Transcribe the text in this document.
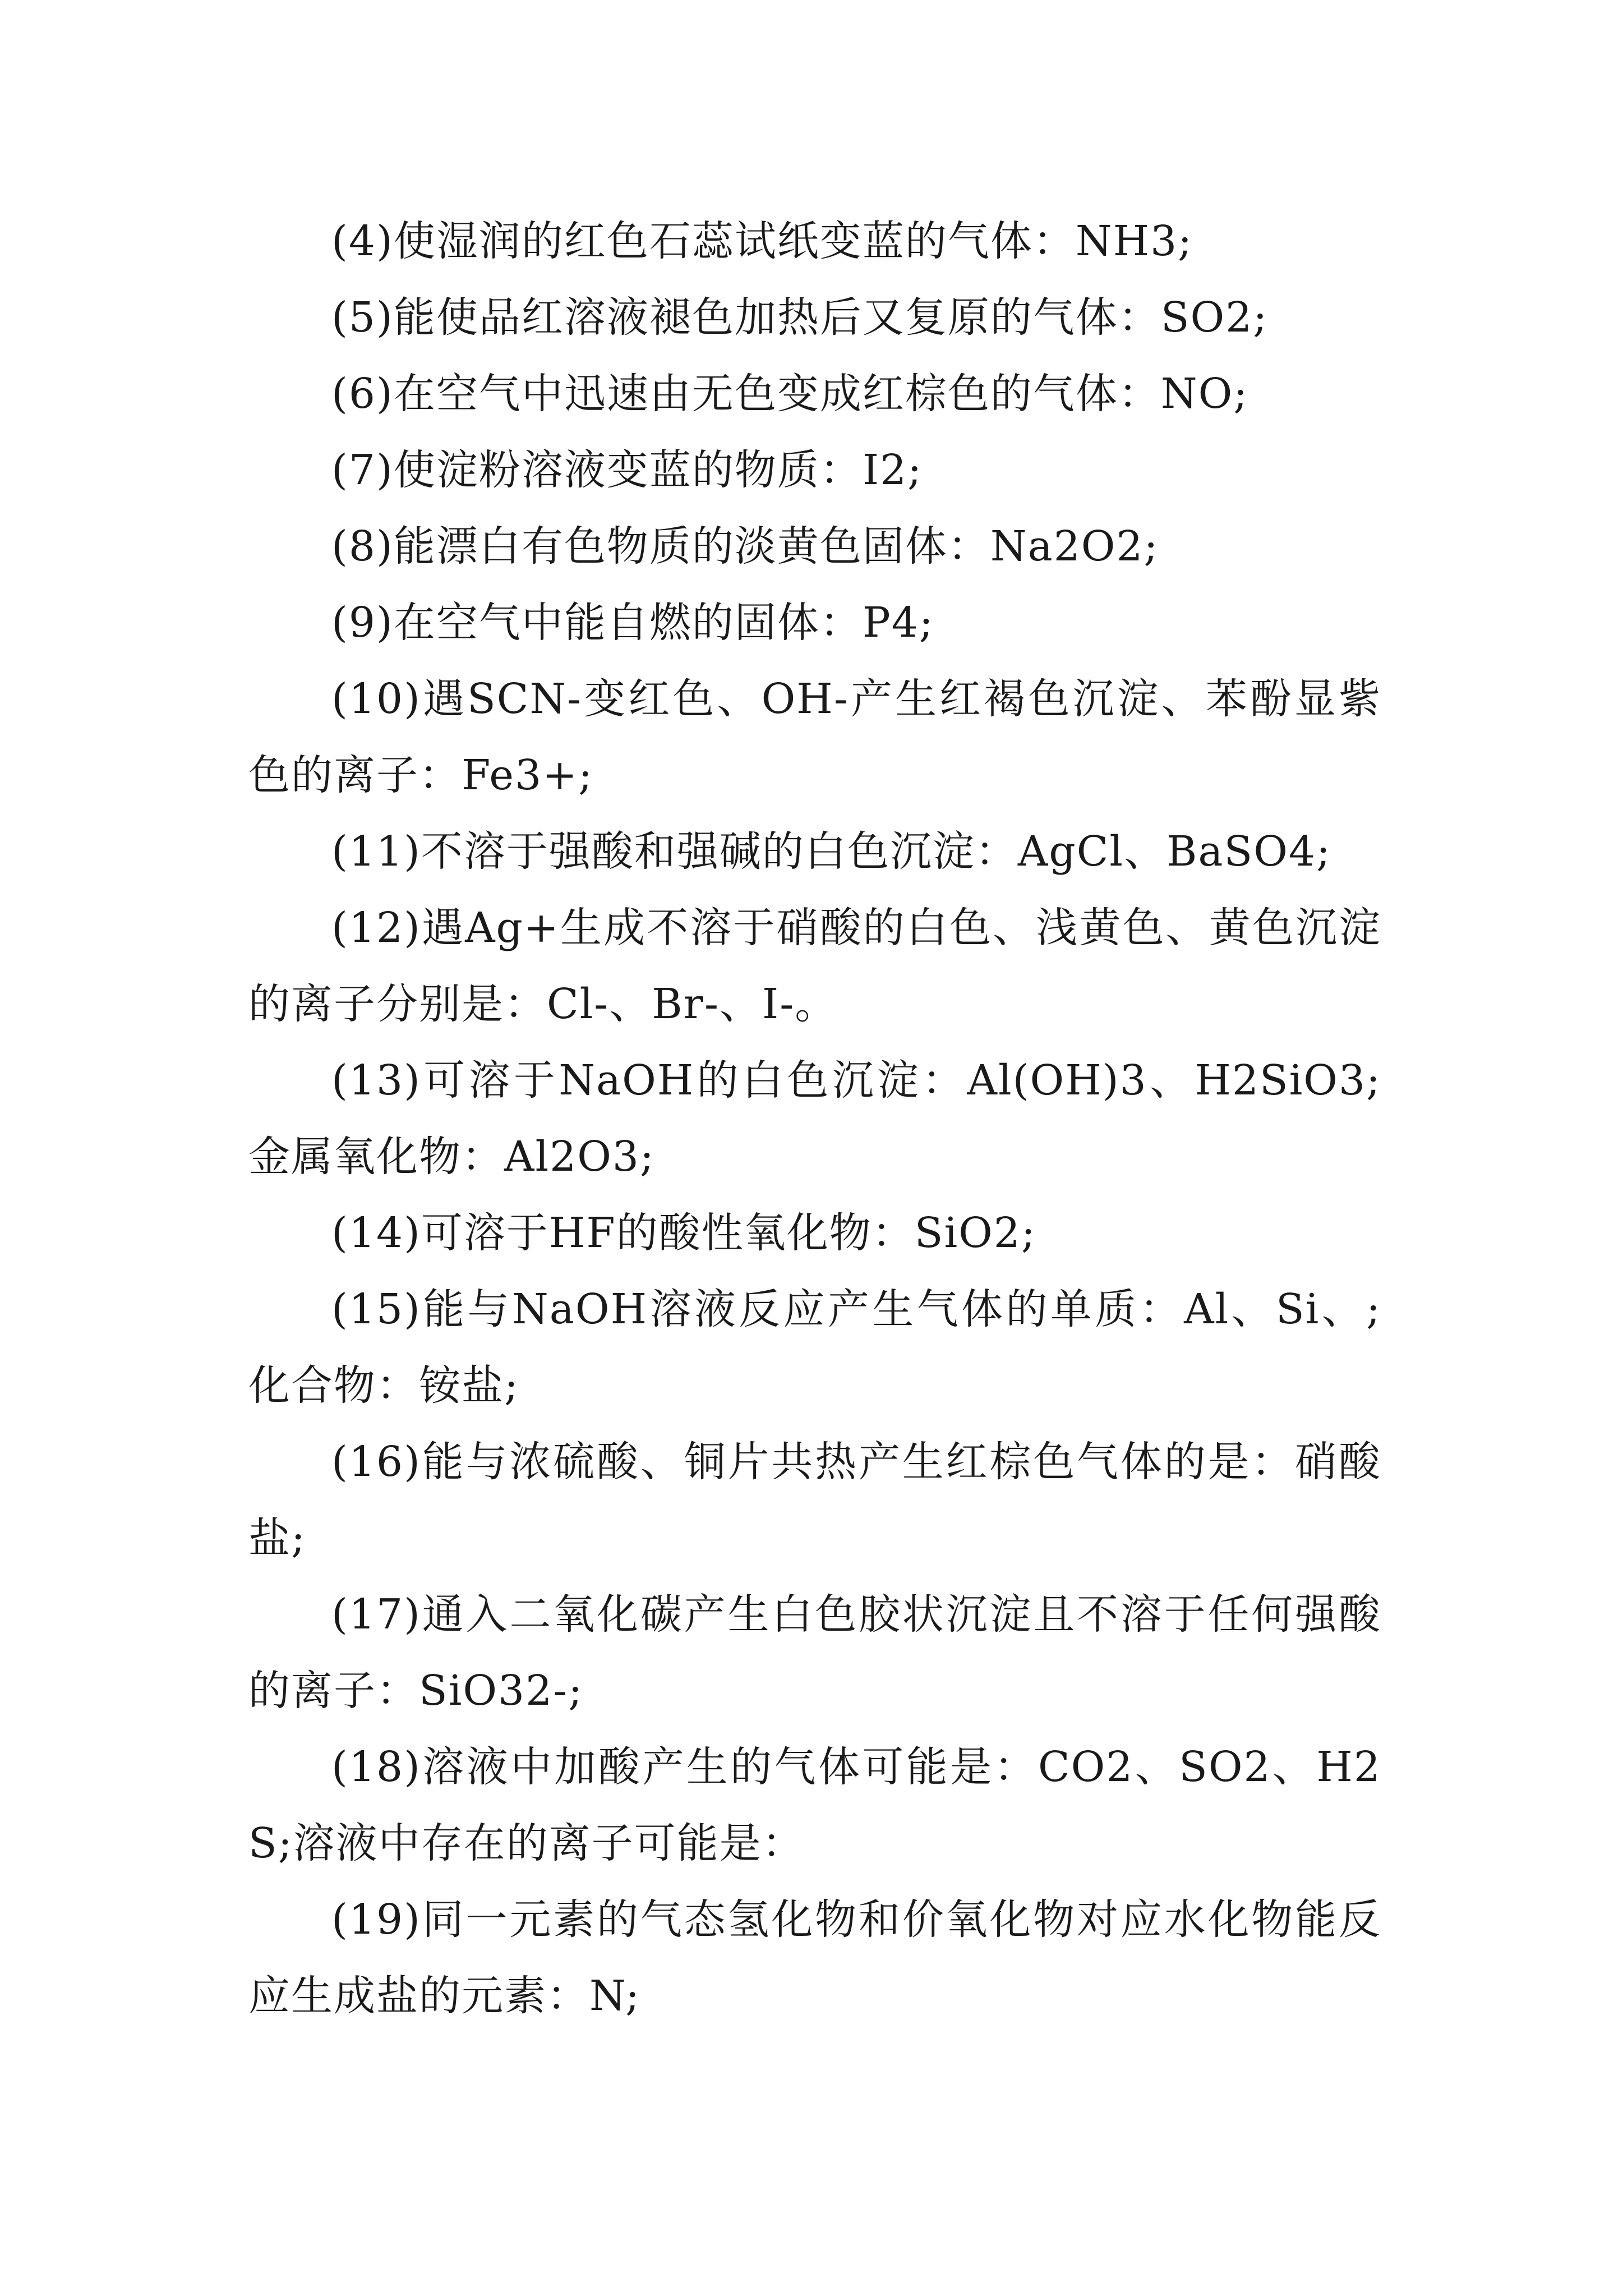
(4)使湿润的红色石蕊试纸变蓝的气体：NH3;

(5)能使品红溶液褪色加热后又复原的气体：SO2;

(6)在空气中迅速由无色变成红棕色的气体：NO;

(7)使淀粉溶液变蓝的物质：I2;

(8)能漂白有色物质的淡黄色固体：Na2O2;

(9)在空气中能自燃的固体：P4;

(10)遇SCN-变红色、OH-产生红褐色沉淀、苯酚显紫色的离子：Fe3+;

(11)不溶于强酸和强碱的白色沉淀：AgCl、BaSO4;

(12)遇Ag+生成不溶于硝酸的白色、浅黄色、黄色沉淀的离子分别是：Cl-、Br-、I-。

(13)可溶于NaOH的白色沉淀：Al(OH)3、H2SiO3;金属氧化物：Al2O3;

(14)可溶于HF的酸性氧化物：SiO2;

(15)能与NaOH溶液反应产生气体的单质：Al、Si、;化合物：铵盐;

(16)能与浓硫酸、铜片共热产生红棕色气体的是：硝酸盐;

(17)通入二氧化碳产生白色胶状沉淀且不溶于任何强酸的离子：SiO32-;

(18)溶液中加酸产生的气体可能是：CO2、SO2、H2S;溶液中存在的离子可能是：

(19)同一元素的气态氢化物和价氧化物对应水化物能反应生成盐的元素：N;
